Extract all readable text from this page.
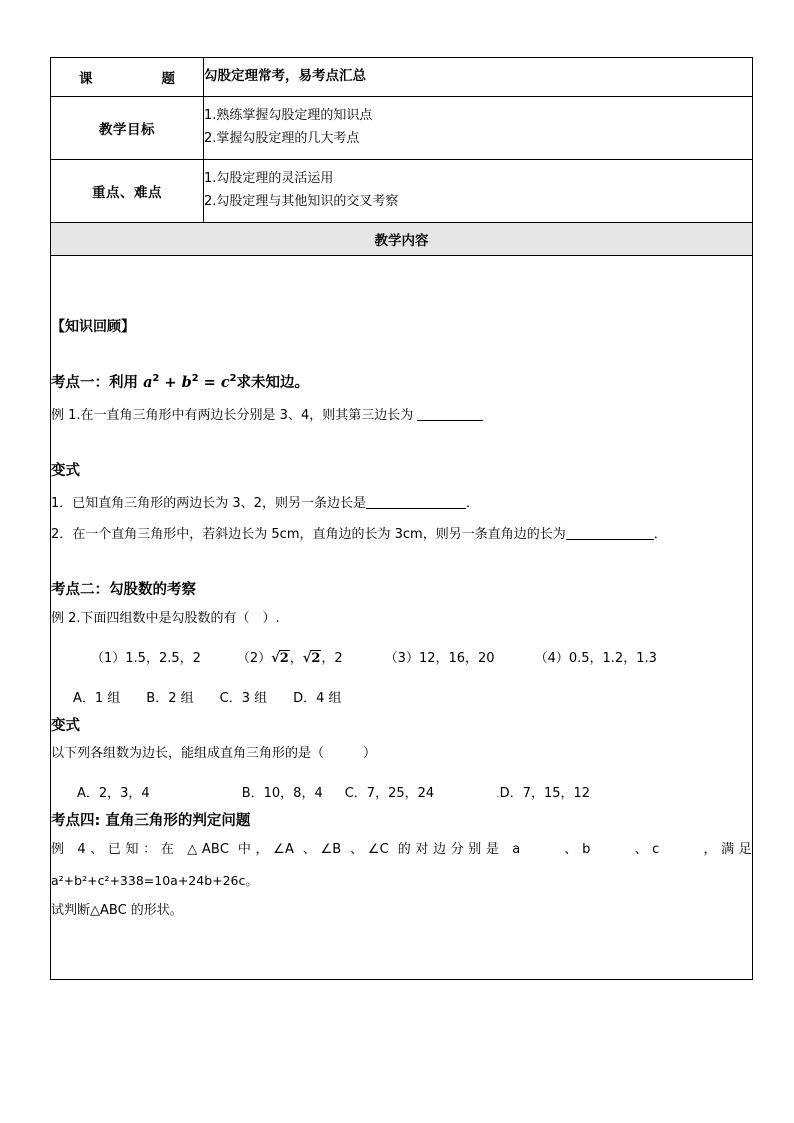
课　　题	勾股定理常考，易考点汇总
教学目标	1.熟练掌握勾股定理的知识点
2.掌握勾股定理的几大考点

重点、难点	1.勾股定理的灵活运用
2.勾股定理与其他知识的交叉考察

教学内容	

【知识回顾】
考点一：利用 $a^2 + b^2 = c^2$求未知边。
例 1.在一直角三角形中有两边长分别是 3、4，则其第三边长为
变式
1．已知直角三角形的两边长为 3、2，则另一条边长是	．
2．在一个直角三角形中，若斜边长为 5cm，直角边的长为 3cm，则另一条直角边的长为	．
考点二：勾股数的考察
例 2.下面四组数中是勾股数的有（　）.
（1）1.5，2.5，2	（2）√2，√2，2	（3）12，16，20	（4）0.5，1.2，1.3
A．1 组　　B．2 组　　C．3 组　　D．4 组
变式
以下列各组数为边长，能组成直角三角形的是（　　　）
A．2，3，4	B．10，8，4 C．7，25，24	.D．7，15，12
考点四: 直角三角形的判定问题
例 4、已知：在 △ABC 中，∠A 、∠B 、∠C 的对边分别是 a 　　、b 　　、c 　　，满足
a²+b²+c²+338=10a+24b+26c。
试判断△ABC 的形状。
